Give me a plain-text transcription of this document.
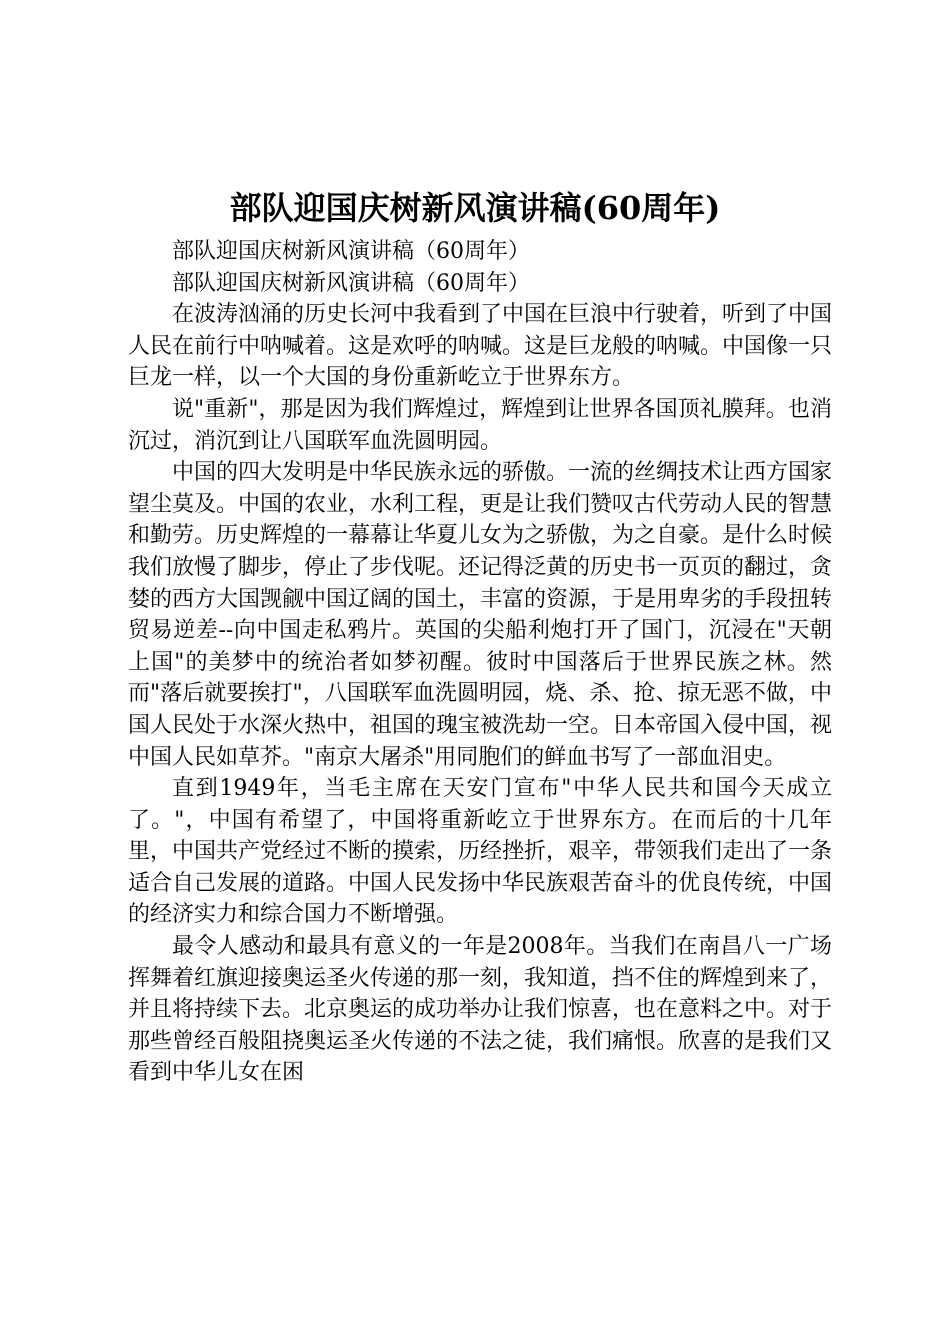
部队迎国庆树新风演讲稿(60周年)

部队迎国庆树新风演讲稿（60周年）

部队迎国庆树新风演讲稿（60周年）

在波涛汹涌的历史长河中我看到了中国在巨浪中行驶着，听到了中国人民在前行中呐喊着。这是欢呼的呐喊。这是巨龙般的呐喊。中国像一只巨龙一样，以一个大国的身份重新屹立于世界东方。

说"重新"，那是因为我们辉煌过，辉煌到让世界各国顶礼膜拜。也消沉过，消沉到让八国联军血洗圆明园。

中国的四大发明是中华民族永远的骄傲。一流的丝绸技术让西方国家望尘莫及。中国的农业，水利工程，更是让我们赞叹古代劳动人民的智慧和勤劳。历史辉煌的一幕幕让华夏儿女为之骄傲，为之自豪。是什么时候我们放慢了脚步，停止了步伐呢。还记得泛黄的历史书一页页的翻过，贪婪的西方大国觊觎中国辽阔的国土，丰富的资源，于是用卑劣的手段扭转贸易逆差--向中国走私鸦片。英国的尖船利炮打开了国门，沉浸在"天朝上国"的美梦中的统治者如梦初醒。彼时中国落后于世界民族之林。然而"落后就要挨打"，八国联军血洗圆明园，烧、杀、抢、掠无恶不做，中国人民处于水深火热中，祖国的瑰宝被洗劫一空。日本帝国入侵中国，视中国人民如草芥。"南京大屠杀"用同胞们的鲜血书写了一部血泪史。

直到1949年，当毛主席在天安门宣布"中华人民共和国今天成立了。"，中国有希望了，中国将重新屹立于世界东方。在而后的十几年里，中国共产党经过不断的摸索，历经挫折，艰辛，带领我们走出了一条适合自己发展的道路。中国人民发扬中华民族艰苦奋斗的优良传统，中国的经济实力和综合国力不断增强。

最令人感动和最具有意义的一年是2008年。当我们在南昌八一广场挥舞着红旗迎接奥运圣火传递的那一刻，我知道，挡不住的辉煌到来了，并且将持续下去。北京奥运的成功举办让我们惊喜，也在意料之中。对于那些曾经百般阻挠奥运圣火传递的不法之徒，我们痛恨。欣喜的是我们又看到中华儿女在困
